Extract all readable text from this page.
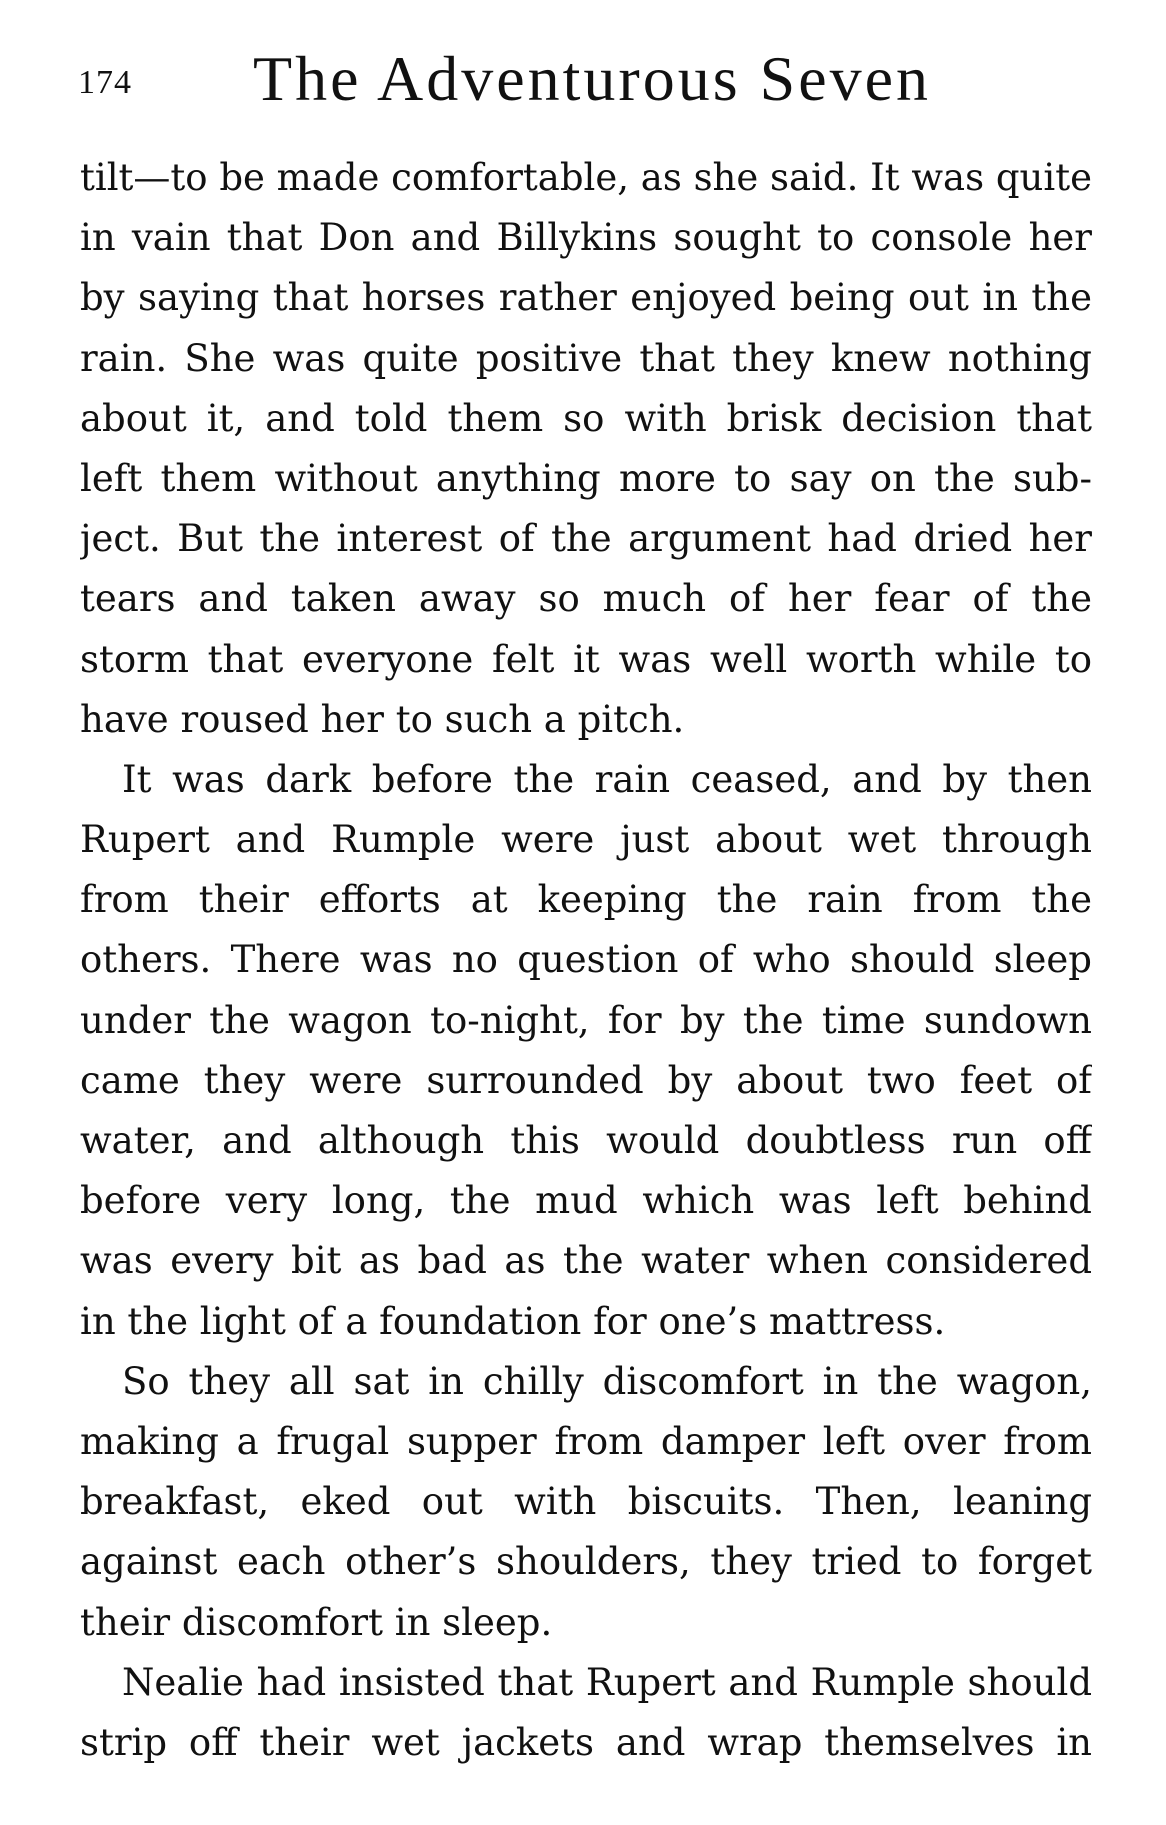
174 The Adventurous Seven
tilt—to be made comfortable, as she said. It was quite
in vain that Don and Billykins sought to console her
by saying that horses rather enjoyed being out in the
rain. She was quite positive that they knew nothing
about it, and told them so with brisk decision that
left them without anything more to say on the sub-
ject. But the interest of the argument had dried her
tears and taken away so much of her fear of the
storm that everyone felt it was well worth while to
have roused her to such a pitch.
It was dark before the rain ceased, and by then
Rupert and Rumple were just about wet through
from their efforts at keeping the rain from the
others. There was no question of who should sleep
under the wagon to-night, for by the time sundown
came they were surrounded by about two feet of
water, and although this would doubtless run off
before very long, the mud which was left behind
was every bit as bad as the water when considered
in the light of a foundation for one’s mattress.
So they all sat in chilly discomfort in the wagon,
making a frugal supper from damper left over from
breakfast, eked out with biscuits. Then, leaning
against each other’s shoulders, they tried to forget
their discomfort in sleep.
Nealie had insisted that Rupert and Rumple should
strip off their wet jackets and wrap themselves in
